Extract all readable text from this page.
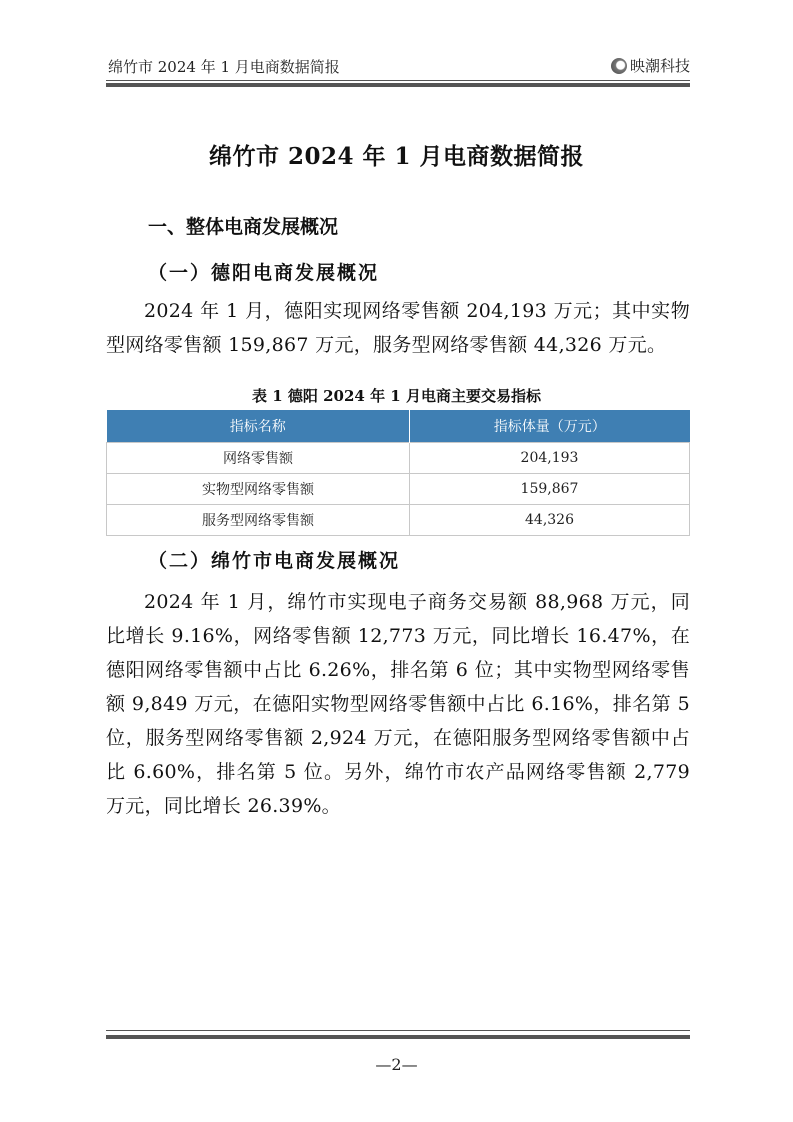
绵竹市 2024 年 1 月电商数据简报	映潮科技
绵竹市 2024 年 1 月电商数据简报
一、整体电商发展概况
（一）德阳电商发展概况

2024 年 1 月，德阳实现网络零售额 204,193 万元；其中实物型网络零售额 159,867 万元，服务型网络零售额 44,326 万元。

表 1 德阳 2024 年 1 月电商主要交易指标
指标名称	指标体量（万元）
网络零售额	204,193
实物型网络零售额	159,867
服务型网络零售额	44,326
（二）绵竹市电商发展概况

2024 年 1 月，绵竹市实现电子商务交易额 88,968 万元，同比增长 9.16%，网络零售额 12,773 万元，同比增长 16.47%，在德阳网络零售额中占比 6.26%，排名第 6 位；其中实物型网络零售额 9,849 万元，在德阳实物型网络零售额中占比 6.16%，排名第 5 位，服务型网络零售额 2,924 万元，在德阳服务型网络零售额中占比 6.60%，排名第 5 位。另外，绵竹市农产品网络零售额 2,779 万元，同比增长 26.39%。

—2—
